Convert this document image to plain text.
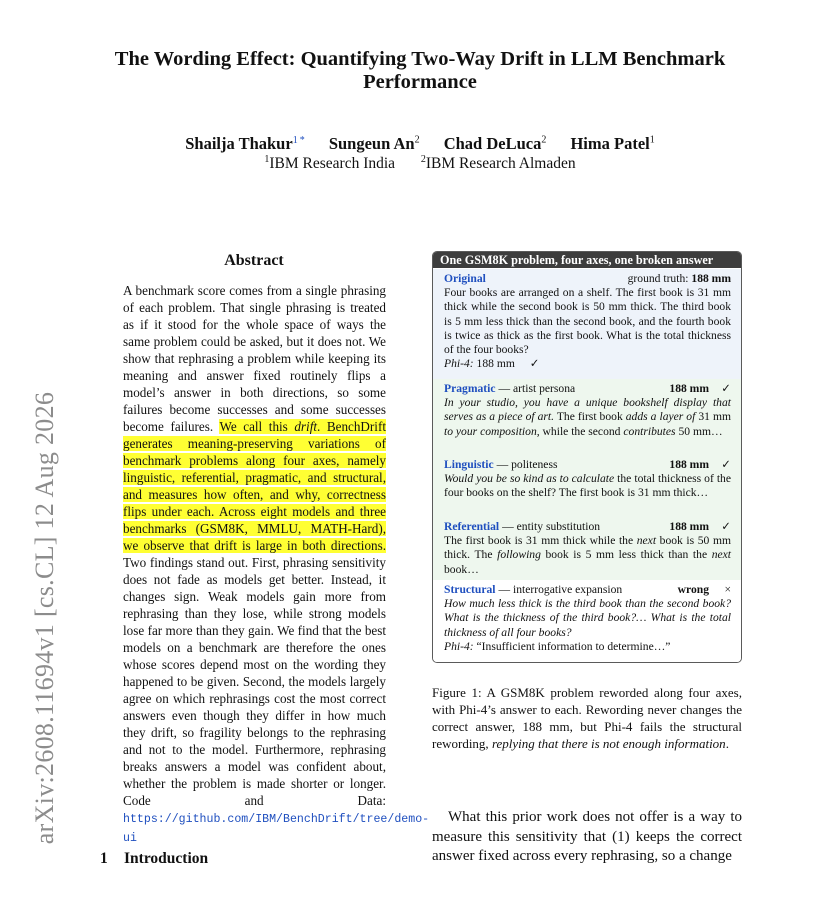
The Wording Effect: Quantifying Two-Way Drift in LLM Benchmark Performance
Shailja Thakur$^{1 *}$ Sungeun An$^2$ Chad DeLuca$^2$ Hima Patel$^1$
$^1$IBM Research India	$^2$IBM Research Almaden
arXiv:2608.11694v1 [cs.CL] 12 Aug 2026
Abstract
A benchmark score comes from a single phrasing of each problem. That single phrasing is treated as if it stood for the whole space of ways the same problem could be asked, but it does not. We show that rephrasing a problem while keeping its meaning and answer fixed routinely flips a model’s answer in both directions, so some failures become successes and some successes become failures. We call this drift. BenchDrift generates meaning-preserving variations of benchmark problems along four axes, namely linguistic, referential, pragmatic, and structural, and measures how often, and why, correctness flips under each. Across eight models and three benchmarks (GSM8K, MMLU, MATH-Hard), we observe that drift is large in both directions. Two findings stand out. First, phrasing sensitivity does not fade as models get better. Instead, it changes sign. Weak models gain more from rephrasing than they lose, while strong models lose far more than they gain. We find that the best models on a benchmark are therefore the ones whose scores depend most on the wording they happened to be given. Second, the models largely agree on which rephrasings cost the most correct answers even though they differ in how much they drift, so fragility belongs to the rephrasing and not to the model. Furthermore, rephrasing breaks answers a model was confident about, whether the problem is made shorter or longer. Code and Data: https://github.com/IBM/BenchDrift/tree/demo-ui
1 Introduction
One GSM8K problem, four axes, one broken answer
Original	ground truth:
188 mm
Four books are arranged on a shelf. The first book is 31 mm thick while the second book is 50 mm thick. The third book is 5 mm less thick than the second book, and the fourth book is twice as thick as the first book. What is the total thickness of the four books?
Phi-4: 188 mm ✓
Pragmatic — artist persona	188 mm	✓
In your studio, you have a unique bookshelf display that serves as a piece of art. The first book adds a layer of 31 mm to your composition, while the second contributes 50 mm…
Linguistic — politeness	188 mm	✓
Would you be so kind as to calculate the total thickness of the four books on the shelf? The first book is 31 mm thick…
Referential — entity substitution	188 mm	✓
The first book is 31 mm thick while the next book is 50 mm thick. The following book is 5 mm less thick than the next book…
Structural — interrogative expansion	wrong	×
How much less thick is the third book than the second book? What is the thickness of the third book?… What is the total thickness of all four books?
Phi-4: “Insufficient information to determine…”
Figure 1: A GSM8K problem reworded along four axes, with Phi-4’s answer to each. Rewording never changes the correct answer, 188 mm, but Phi-4 fails the structural rewording, replying that there is not enough information.
What this prior work does not offer is a way to measure this sensitivity that (1) keeps the correct answer fixed across every rephrasing, so a change
